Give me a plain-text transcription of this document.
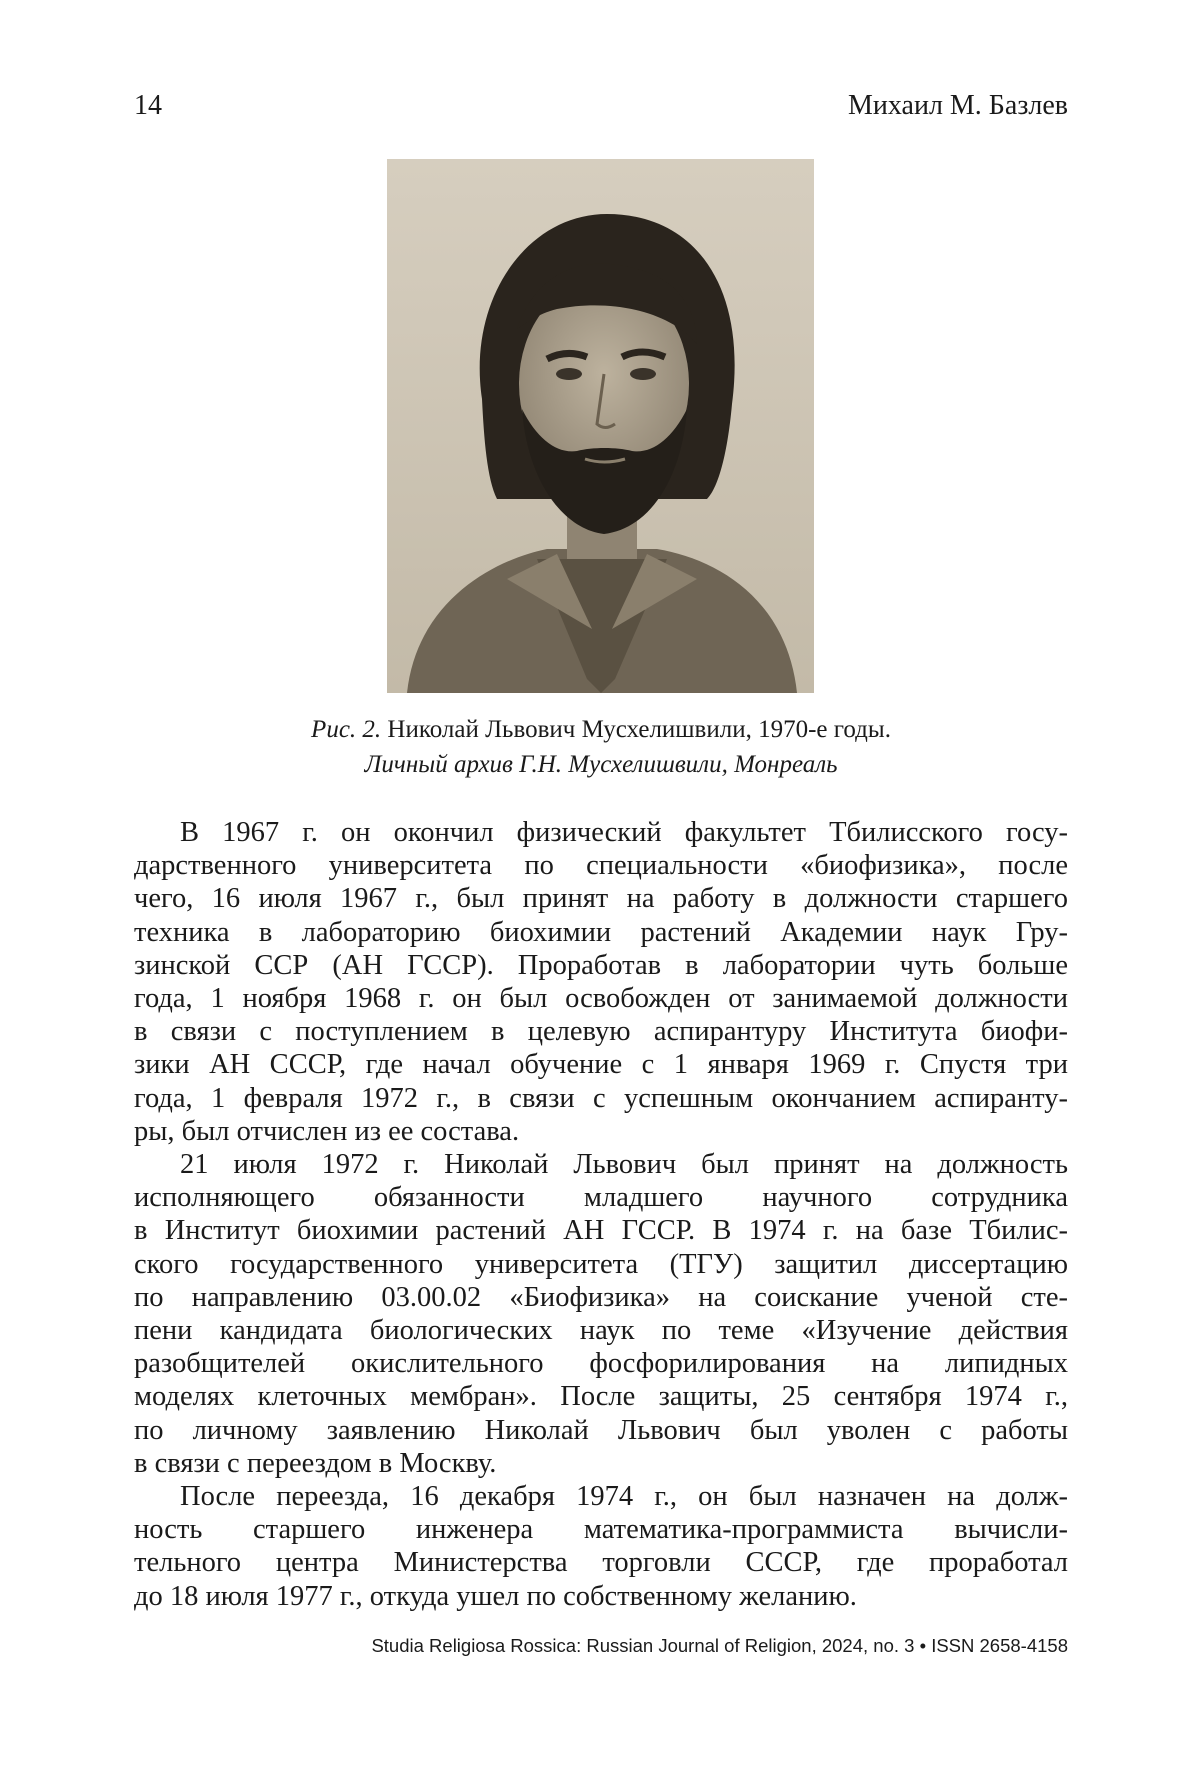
14	Михаил М. Базлев
Рис. 2. Николай Львович Мусхелишвили, 1970-е годы.
Личный архив Г.Н. Мусхелишвили, Монреаль
В 1967 г. он окончил физический факультет Тбилисского госу-
дарственного университета по специальности «биофизика», после
чего, 16 июля 1967 г., был принят на работу в должности старшего
техника в лабораторию биохимии растений Академии наук Гру-
зинской ССР (АН ГССР). Проработав в лаборатории чуть больше
года, 1 ноября 1968 г. он был освобожден от занимаемой должности
в связи с поступлением в целевую аспирантуру Института биофи-
зики АН СССР, где начал обучение с 1 января 1969 г. Спустя три
года, 1 февраля 1972 г., в связи с успешным окончанием аспиранту-
ры, был отчислен из ее состава.
21 июля 1972 г. Николай Львович был принят на должность
исполняющего обязанности младшего научного сотрудника
в Институт биохимии растений АН ГССР. В 1974 г. на базе Тбилис-
ского государственного университета (ТГУ) защитил диссертацию
по направлению 03.00.02 «Биофизика» на соискание ученой сте-
пени кандидата биологических наук по теме «Изучение действия
разобщителей окислительного фосфорилирования на липидных
моделях клеточных мембран». После защиты, 25 сентября 1974 г.,
по личному заявлению Николай Львович был уволен с работы
в связи с переездом в Москву.
После переезда, 16 декабря 1974 г., он был назначен на долж-
ность старшего инженера математика-программиста вычисли-
тельного центра Министерства торговли СССР, где проработал
до 18 июля 1977 г., откуда ушел по собственному желанию.
Studia Religiosa Rossica: Russian Journal of Religion, 2024, no. 3 • ISSN 2658-4158
